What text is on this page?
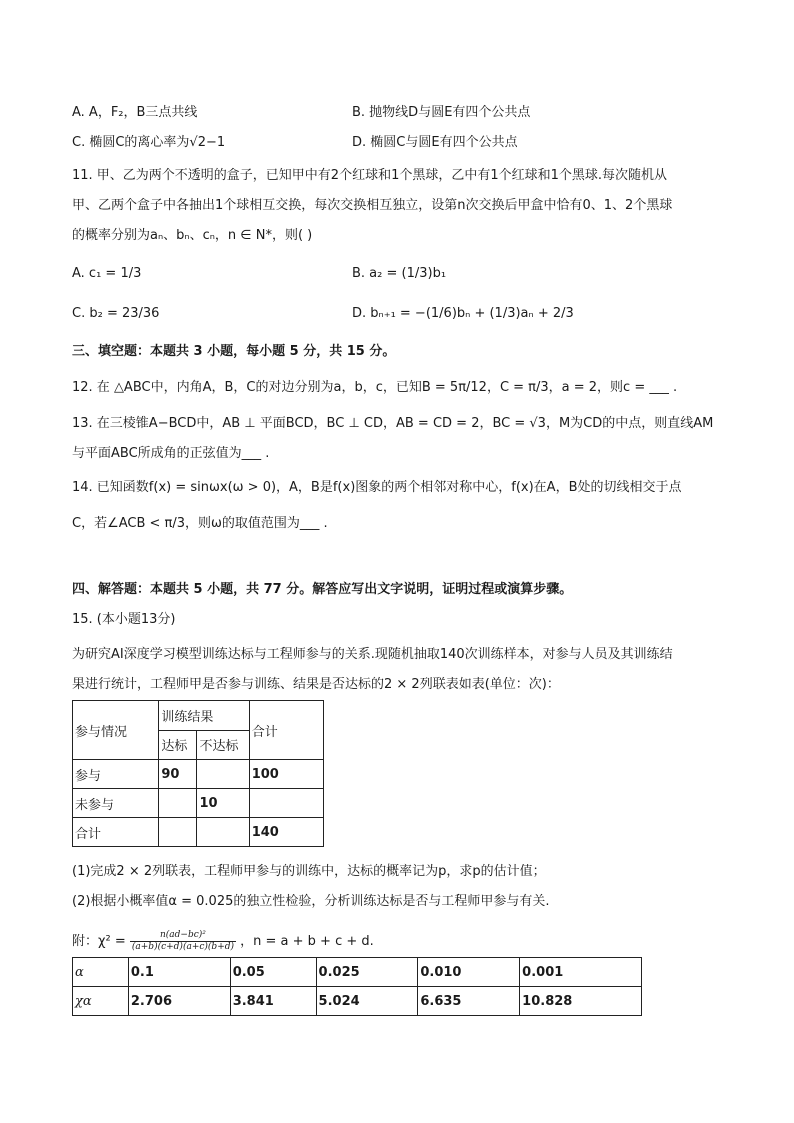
A. A，F₂，B三点共线	B. 抛物线D与圆E有四个公共点
C. 椭圆C的离心率为√2−1	D. 椭圆C与圆E有四个公共点
11. 甲、乙为两个不透明的盒子，已知甲中有2个红球和1个黑球，乙中有1个红球和1个黑球.每次随机从
甲、乙两个盒子中各抽出1个球相互交换，每次交换相互独立，设第n次交换后甲盒中恰有0、1、2个黑球
的概率分别为aₙ、bₙ、cₙ，n ∈ N*，则( )
A. c₁ = 1/3	B. a₂ = (1/3)b₁
C. b₂ = 23/36	D. bₙ₊₁ = −(1/6)bₙ + (1/3)aₙ + 2/3
三、填空题：本题共 3 小题，每小题 5 分，共 15 分。
12. 在 △ABC中，内角A，B，C的对边分别为a，b，c，已知B = 5π/12，C = π/3，a = 2，则c = ___ .
13. 在三棱锥A−BCD中，AB ⊥ 平面BCD，BC ⊥ CD，AB = CD = 2，BC = √3，M为CD的中点，则直线AM
与平面ABC所成角的正弦值为___ .
14. 已知函数f(x) = sinωx(ω > 0)，A，B是f(x)图象的两个相邻对称中心，f(x)在A，B处的切线相交于点
C，若∠ACB < π/3，则ω的取值范围为___ .
四、解答题：本题共 5 小题，共 77 分。解答应写出文字说明，证明过程或演算步骤。
15. (本小题13分)
为研究AI深度学习模型训练达标与工程师参与的关系.现随机抽取140次训练样本，对参与人员及其训练结
果进行统计，工程师甲是否参与训练、结果是否达标的2 × 2列联表如表(单位：次)：
参与情况	训练结果		合计
	达标	不达标	
参与	90		100
未参与		10	
合计			140
(1)完成2 × 2列联表，工程师甲参与的训练中，达标的概率记为p，求p的估计值；
(2)根据小概率值α = 0.025的独立性检验，分析训练达标是否与工程师甲参与有关.
附：$\chi^2 = \frac{\text{n(ad−bc)²}}{(a+b)(c+d)(a+c)(b+d)}$ ，n = a + b + c + d.
α	0.1	0.05	0.025	0.010	0.001
χα	2.706	3.841	5.024	6.635	10.828
